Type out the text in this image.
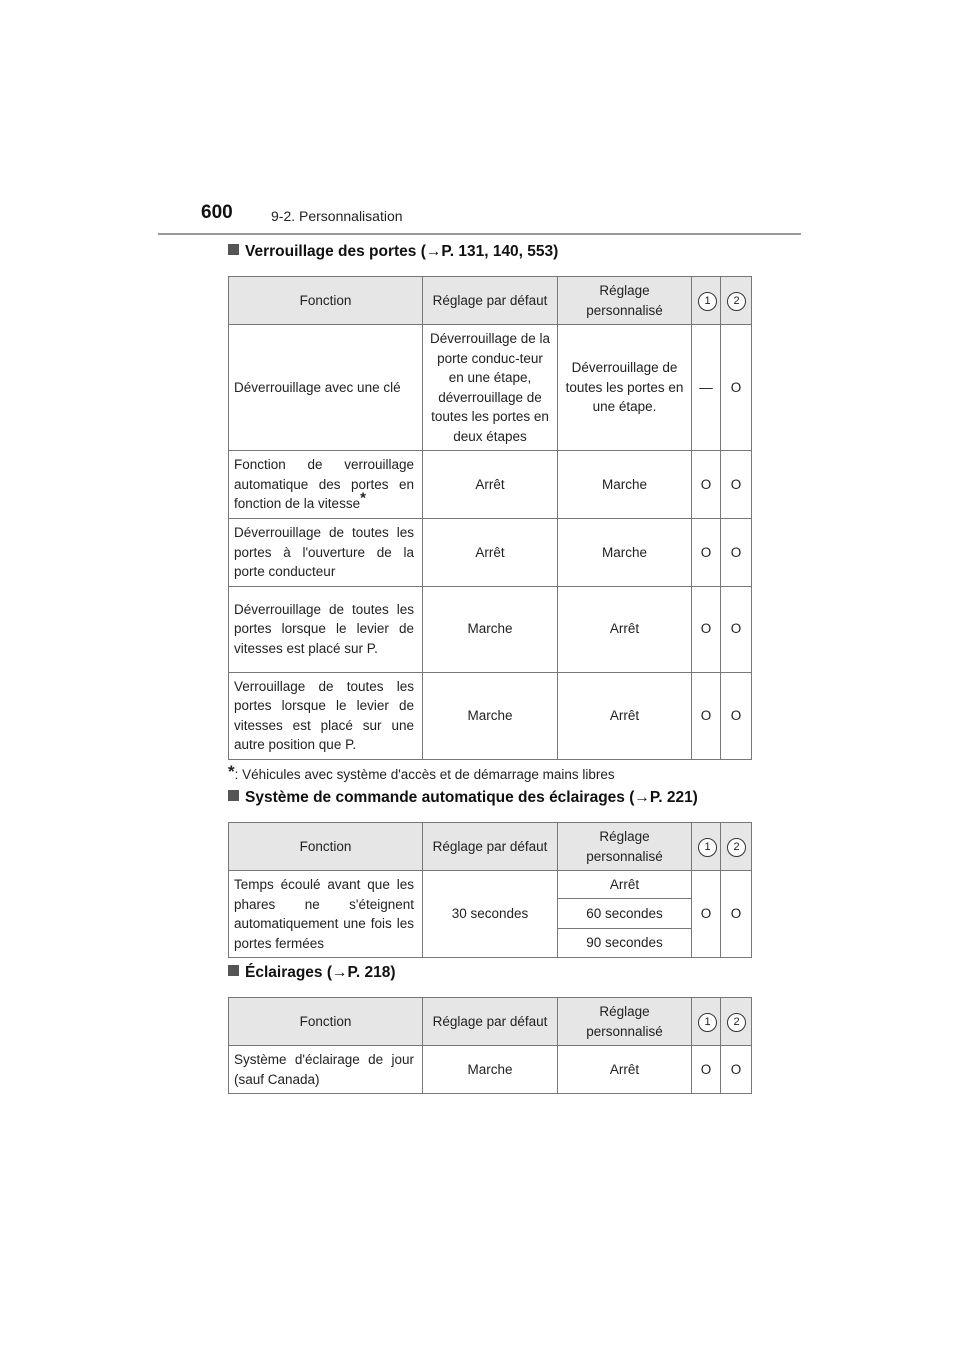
600	9-2. Personnalisation
Verrouillage des portes (→P. 131, 140, 553)
Fonction	Réglage par défaut	Réglage personnalisé	1	2
Déverrouillage avec une clé	Déverrouillage de la porte conduc-teur en une étape, déverrouillage de toutes les portes en deux étapes	Déverrouillage de toutes les portes en une étape.	—	O
Fonction de verrouillage automatique des portes en fonction de la vitesse*	Arrêt	Marche	O	O
Déverrouillage de toutes les portes à l'ouverture de la porte conducteur	Arrêt	Marche	O	O
Déverrouillage de toutes les portes lorsque le levier de vitesses est placé sur P.	Marche	Arrêt	O	O
Verrouillage de toutes les portes lorsque le levier de vitesses est placé sur une autre position que P.	Marche	Arrêt	O	O
*: Véhicules avec système d'accès et de démarrage mains libres
Système de commande automatique des éclairages (→P. 221)
Fonction	Réglage par défaut	Réglage personnalisé	1	2
Temps écoulé avant que les phares ne s'éteignent automatiquement une fois les portes fermées	30 secondes	Arrêt	O	O
		60 secondes		
		90 secondes		
Éclairages (→P. 218)
Fonction	Réglage par défaut	Réglage personnalisé	1	2
Système d'éclairage de jour (sauf Canada)	Marche	Arrêt	O	O
